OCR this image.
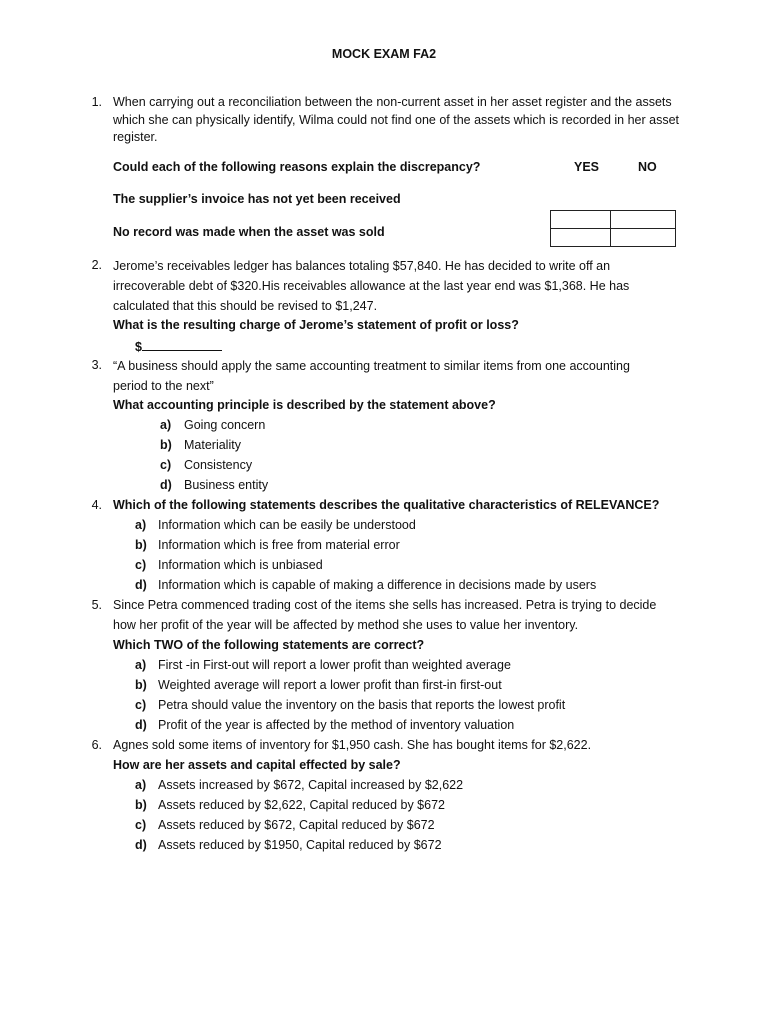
MOCK EXAM FA2
1. When carrying out a reconciliation between the non-current asset in her asset register and the assets which she can physically identify, Wilma could not find one of the assets which is recorded in her asset register.
Could each of the following reasons explain the discrepancy?	YES	NO
The supplier’s invoice has not yet been received
No record was made when the asset was sold

2. Jerome’s receivables ledger has balances totaling $57,840. He has decided to write off an irrecoverable debt of $320.His receivables allowance at the last year end was $1,368. He has calculated that this should be revised to $1,247.
What is the resulting charge of Jerome’s statement of profit or loss?
$
3. “A business should apply the same accounting treatment to similar items from one accounting period to the next”
What accounting principle is described by the statement above?
a)	Going concern
b) Materiality
c)	Consistency
d) Business entity
4. Which of the following statements describes the qualitative characteristics of RELEVANCE?
a) Information which can be easily be understood
b) Information which is free from material error
c) Information which is unbiased
d) Information which is capable of making a difference in decisions made by users
5. Since Petra commenced trading cost of the items she sells has increased. Petra is trying to decide
how her profit of the year will be affected by method she uses to value her inventory.
Which TWO of the following statements are correct?
a) First -in First-out will report a lower profit than weighted average
b) Weighted average will report a lower profit than first-in first-out
c) Petra should value the inventory on the basis that reports the lowest profit
d) Profit of the year is affected by the method of inventory valuation
6. Agnes sold some items of inventory for $1,950 cash. She has bought items for $2,622.
How are her assets and capital effected by sale?
a) Assets increased by $672, Capital increased by $2,622
b) Assets reduced by $2,622, Capital reduced by $672
c) Assets reduced by $672, Capital reduced by $672
d) Assets reduced by $1950, Capital reduced by $672
